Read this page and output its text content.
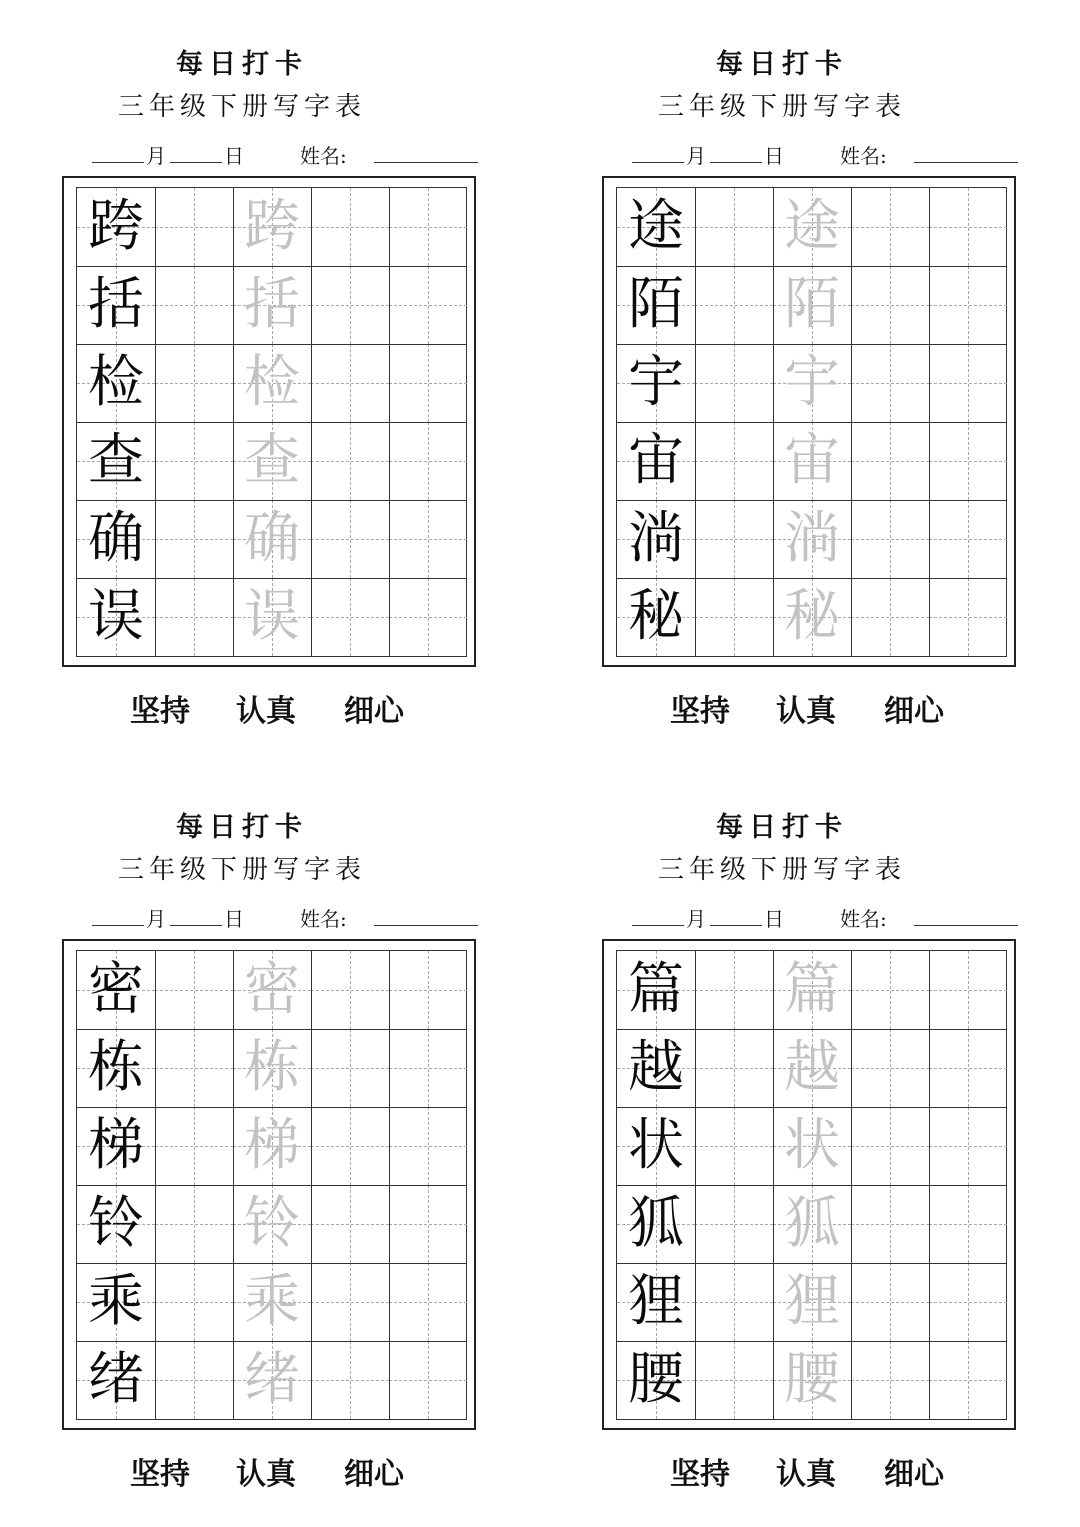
每日打卡
三年级下册写字表
月	日	姓名:
跨 跨
括 括
检 检
查 查
确 确
误 误
坚持 认真 细心
每日打卡
三年级下册写字表
月	日	姓名:
途 途
陌 陌
宇 宇
宙 宙
淌 淌
秘 秘
坚持 认真 细心
每日打卡
三年级下册写字表
月	日	姓名:
密 密
栋 栋
梯 梯
铃 铃
乘 乘
绪 绪
坚持 认真 细心
每日打卡
三年级下册写字表
月	日	姓名:
篇 篇
越 越
状 状
狐 狐
狸 狸
腰 腰
坚持 认真 细心
